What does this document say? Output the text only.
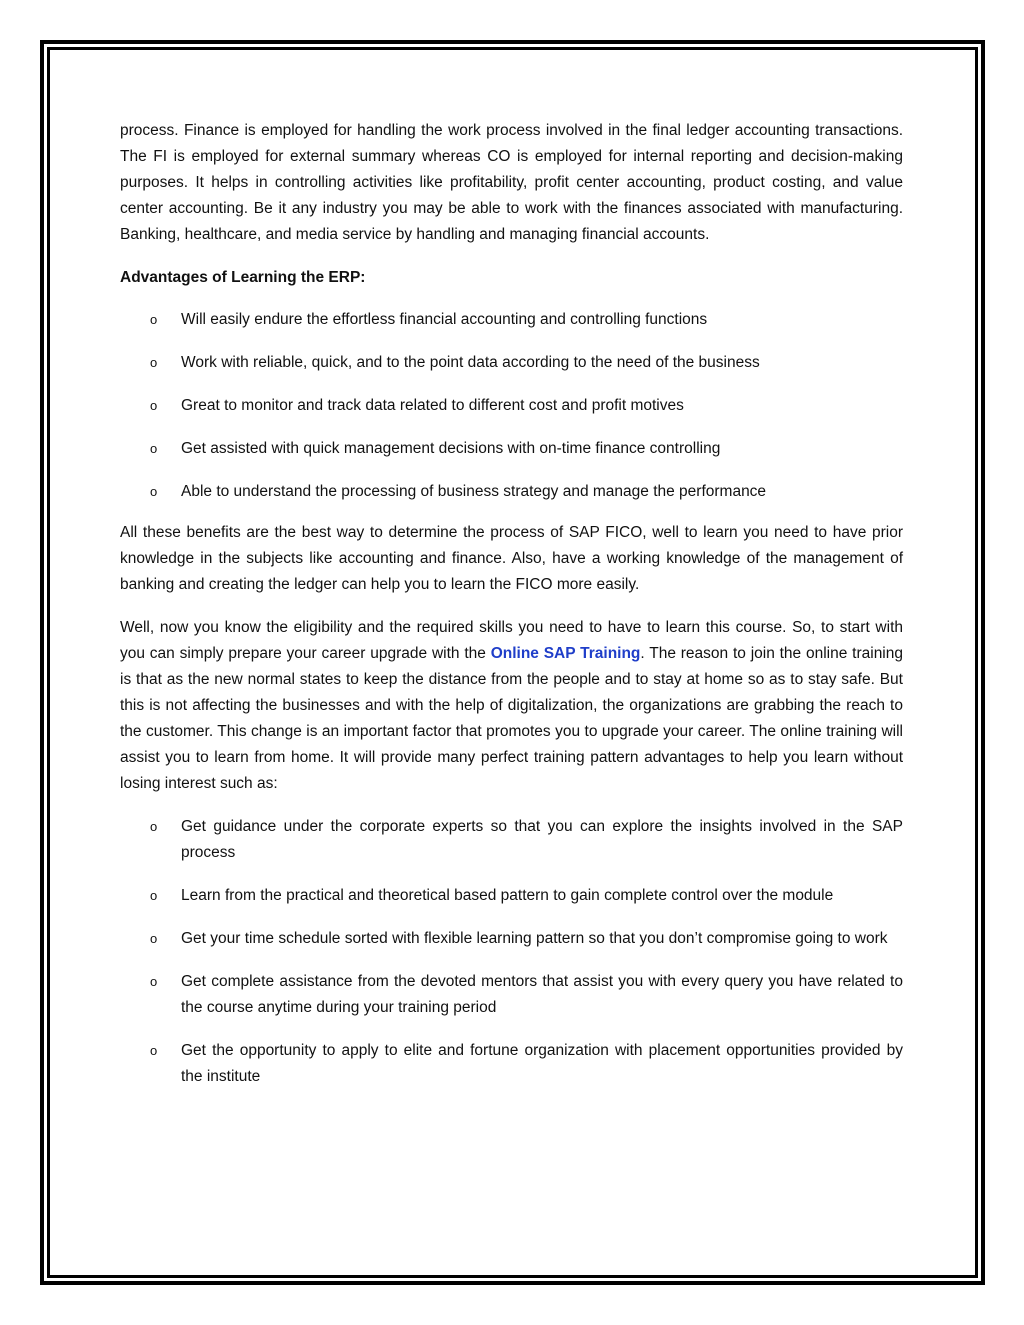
process. Finance is employed for handling the work process involved in the final ledger accounting transactions. The FI is employed for external summary whereas CO is employed for internal reporting and decision-making purposes. It helps in controlling activities like profitability, profit center accounting, product costing, and value center accounting. Be it any industry you may be able to work with the finances associated with manufacturing. Banking, healthcare, and media service by handling and managing financial accounts.

Advantages of Learning the ERP:

o Will easily endure the effortless financial accounting and controlling functions
o Work with reliable, quick, and to the point data according to the need of the business
o Great to monitor and track data related to different cost and profit motives
o Get assisted with quick management decisions with on-time finance controlling
o Able to understand the processing of business strategy and manage the performance

All these benefits are the best way to determine the process of SAP FICO, well to learn you need to have prior knowledge in the subjects like accounting and finance. Also, have a working knowledge of the management of banking and creating the ledger can help you to learn the FICO more easily.

Well, now you know the eligibility and the required skills you need to have to learn this course. So, to start with you can simply prepare your career upgrade with the Online SAP Training. The reason to join the online training is that as the new normal states to keep the distance from the people and to stay at home so as to stay safe. But this is not affecting the businesses and with the help of digitalization, the organizations are grabbing the reach to the customer. This change is an important factor that promotes you to upgrade your career. The online training will assist you to learn from home. It will provide many perfect training pattern advantages to help you learn without losing interest such as:

o Get guidance under the corporate experts so that you can explore the insights involved in the SAP process
o Learn from the practical and theoretical based pattern to gain complete control over the module
o Get your time schedule sorted with flexible learning pattern so that you don’t compromise going to work
o Get complete assistance from the devoted mentors that assist you with every query you have related to the course anytime during your training period
o Get the opportunity to apply to elite and fortune organization with placement opportunities provided by the institute
